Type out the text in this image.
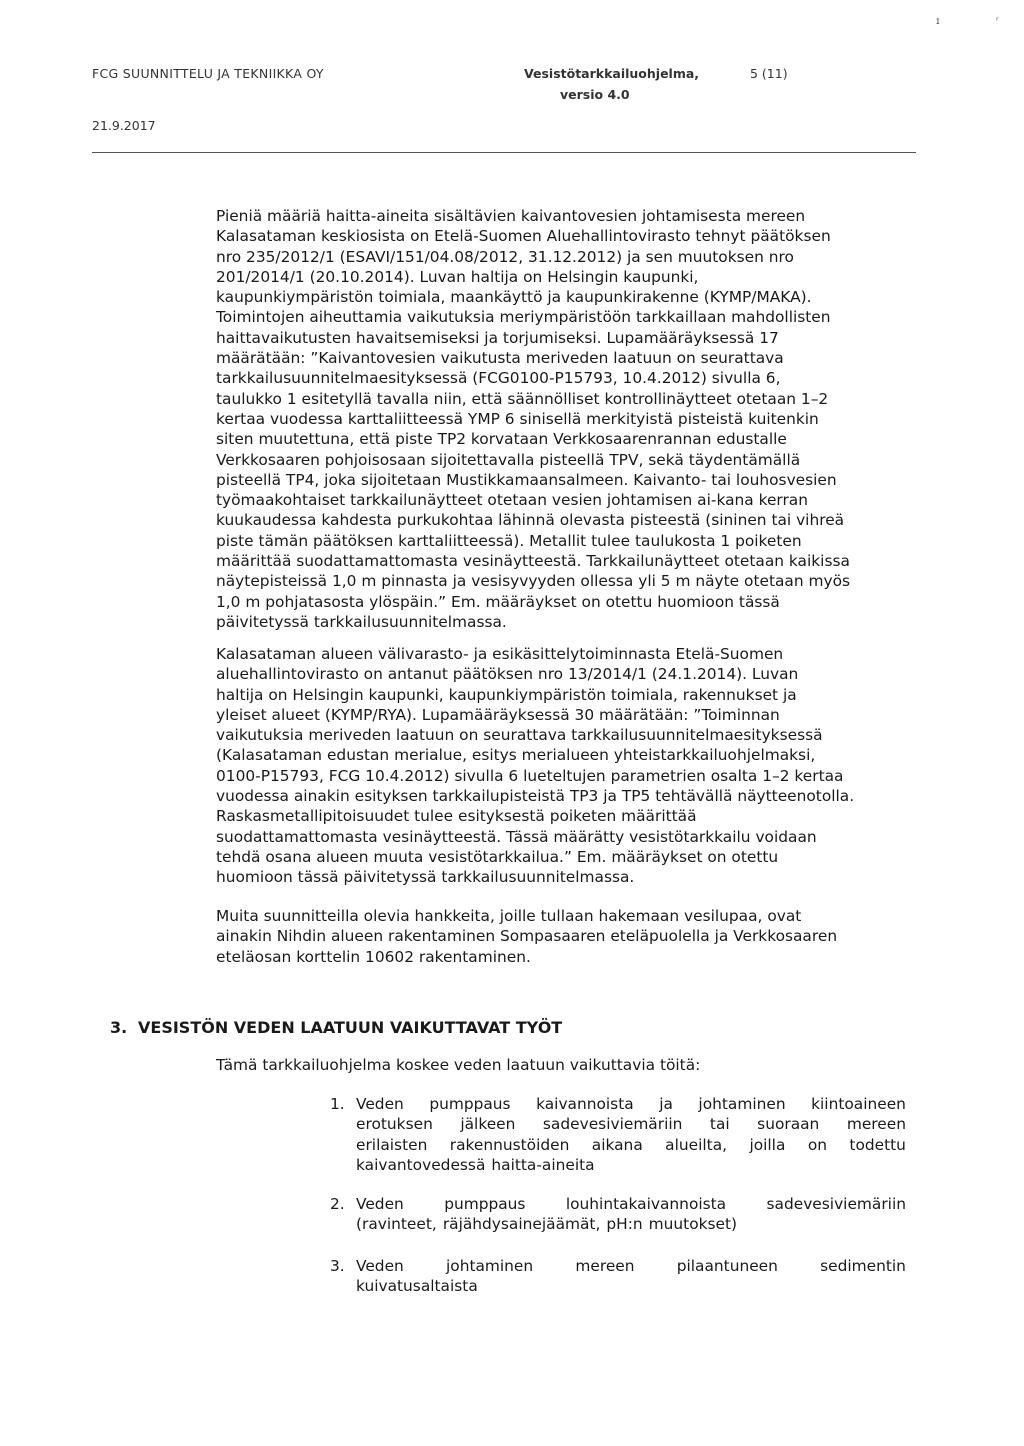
ɪ	ʳ
FCG SUUNNITTELU JA TEKNIIKKA OY	Vesistötarkkailuohjelma,
versio 4.0
5 (11)
21.9.2017

Pieniä määriä haitta-aineita sisältävien kaivantovesien johtamisesta mereen
Kalasataman keskiosista on Etelä-Suomen Aluehallintovirasto tehnyt päätöksen
nro 235/2012/1 (ESAVI/151/04.08/2012, 31.12.2012) ja sen muutoksen nro
201/2014/1 (20.10.2014). Luvan haltija on Helsingin kaupunki,
kaupunkiympäristön toimiala, maankäyttö ja kaupunkirakenne (KYMP/MAKA).
Toimintojen aiheuttamia vaikutuksia meriympäristöön tarkkaillaan mahdollisten
haittavaikutusten havaitsemiseksi ja torjumiseksi. Lupamääräyksessä 17
määrätään: ”Kaivantovesien vaikutusta meriveden laatuun on seurattava
tarkkailusuunnitelmaesityksessä (FCG0100-P15793, 10.4.2012) sivulla 6,
taulukko 1 esitetyllä tavalla niin, että säännölliset kontrollinäytteet otetaan 1–2
kertaa vuodessa karttaliitteessä YMP 6 sinisellä merkityistä pisteistä kuitenkin
siten muutettuna, että piste TP2 korvataan Verkkosaarenrannan edustalle
Verkkosaaren pohjoisosaan sijoitettavalla pisteellä TPV, sekä täydentämällä
pisteellä TP4, joka sijoitetaan Mustikkamaansalmeen. Kaivanto- tai louhosvesien
työmaakohtaiset tarkkailunäytteet otetaan vesien johtamisen ai-kana kerran
kuukaudessa kahdesta purkukohtaa lähinnä olevasta pisteestä (sininen tai vihreä
piste tämän päätöksen karttaliitteessä). Metallit tulee taulukosta 1 poiketen
määrittää suodattamattomasta vesinäytteestä. Tarkkailunäytteet otetaan kaikissa
näytepisteissä 1,0 m pinnasta ja vesisyvyyden ollessa yli 5 m näyte otetaan myös
1,0 m pohjatasosta ylöspäin.” Em. määräykset on otettu huomioon tässä
päivitetyssä tarkkailusuunnitelmassa.

Kalasataman alueen välivarasto- ja esikäsittelytoiminnasta Etelä-Suomen
aluehallintovirasto on antanut päätöksen nro 13/2014/1 (24.1.2014). Luvan
haltija on Helsingin kaupunki, kaupunkiympäristön toimiala, rakennukset ja
yleiset alueet (KYMP/RYA). Lupamääräyksessä 30 määrätään: ”Toiminnan
vaikutuksia meriveden laatuun on seurattava tarkkailusuunnitelmaesityksessä
(Kalasataman edustan merialue, esitys merialueen yhteistarkkailuohjelmaksi,
0100-P15793, FCG 10.4.2012) sivulla 6 lueteltujen parametrien osalta 1–2 kertaa
vuodessa ainakin esityksen tarkkailupisteistä TP3 ja TP5 tehtävällä näytteenotolla.
Raskasmetallipitoisuudet tulee esityksestä poiketen määrittää
suodattamattomasta vesinäytteestä. Tässä määrätty vesistötarkkailu voidaan
tehdä osana alueen muuta vesistötarkkailua.” Em. määräykset on otettu
huomioon tässä päivitetyssä tarkkailusuunnitelmassa.

Muita suunnitteilla olevia hankkeita, joille tullaan hakemaan vesilupaa, ovat
ainakin Nihdin alueen rakentaminen Sompasaaren eteläpuolella ja Verkkosaaren
eteläosan korttelin 10602 rakentaminen.

3. VESISTÖN VEDEN LAATUUN VAIKUTTAVAT TYÖT

Tämä tarkkailuohjelma koskee veden laatuun vaikuttavia töitä:

1. Veden pumppaus kaivannoista ja johtaminen kiintoaineen
erotuksen jälkeen sadevesiviemäriin tai suoraan mereen
erilaisten rakennustöiden aikana alueilta, joilla on todettu
kaivantovedessä haitta-aineita
2. Veden	pumppaus	louhintakaivannoista	sadevesiviemäriin
(ravinteet, räjähdysainejäämät, pH:n muutokset)
3. Veden	johtaminen	mereen	pilaantuneen	sedimentin
kuivatusaltaista
